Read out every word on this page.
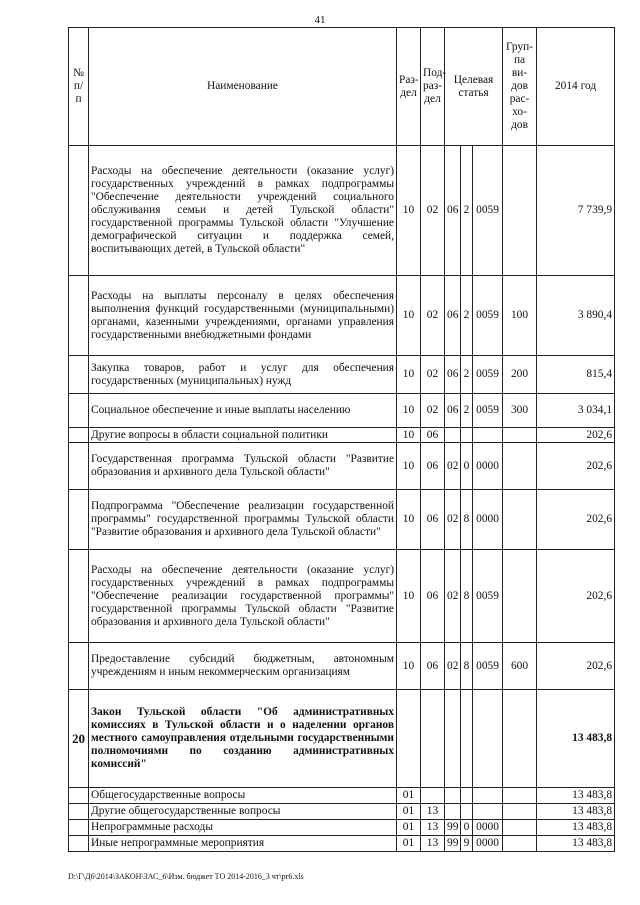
41
№ п/ п	Наименование	Раз-дел	Под-раз-дел	Целевая статья			Груп-па ви-дов рас-хо-дов	2014 год
	Расходы на обеспечение деятельности (оказание услуг) государственных учреждений в рамках подпрограммы "Обеспечение деятельности учреждений социального обслуживания семьи и детей Тульской области" государственной программы Тульской области "Улучшение демографической ситуации и поддержка семей, воспитывающих детей, в Тульской области"	10	02	06	2	0059		7 739,9
	Расходы на выплаты персоналу в целях обеспечения выполнения функций государственными (муниципальными) органами, казенными учреждениями, органами управления государственными внебюджетными фондами	10	02	06	2	0059	100	3 890,4
	Закупка товаров, работ и услуг для обеспечения государственных (муниципальных) нужд	10	02	06	2	0059	200	815,4
	Социальное обеспечение и иные выплаты населению	10	02	06	2	0059	300	3 034,1
	Другие вопросы в области социальной политики	10	06					202,6
	Государственная программа Тульской области "Развитие образования и архивного дела Тульской области"	10	06	02	0	0000		202,6
	Подпрограмма "Обеспечение реализации государственной программы" государственной программы Тульской области "Развитие образования и архивного дела Тульской области"	10	06	02	8	0000		202,6
	Расходы на обеспечение деятельности (оказание услуг) государственных учреждений в рамках подпрограммы "Обеспечение реализации государственной программы" государственной программы Тульской области "Развитие образования и архивного дела Тульской области"	10	06	02	8	0059		202,6
	Предоставление субсидий бюджетным, автономным учреждениям и иным некоммерческим организациям	10	06	02	8	0059	600	202,6
20	Закон Тульской области "Об административных комиссиях в Тульской области и о наделении органов местного самоуправления отдельными государственными полномочиями по созданию административных комиссий"							13 483,8
	Общегосударственные вопросы	01						13 483,8
	Другие общегосударственные вопросы	01	13					13 483,8
	Непрограммные расходы	01	13	99	0	0000		13 483,8
	Иные непрограммные мероприятия	01	13	99	9	0000		13 483,8
D:\Г\Д6\2014\ЗАКОН\ЗАС_6\Изм. бюджет ТО 2014-2016_3 чт\pr6.xls
